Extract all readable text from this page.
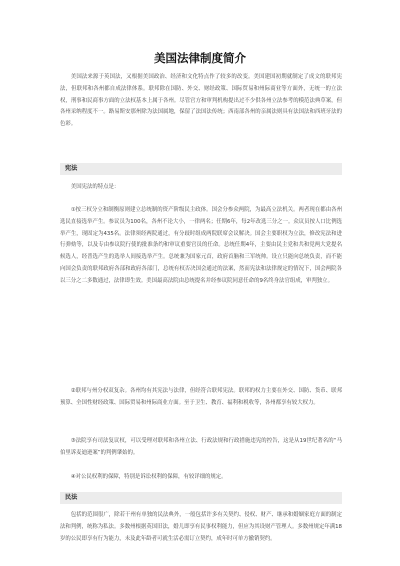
美国法律制度简介

美国法来源于英国法，又根据美国政治、经济和文化特点作了较多的改变。美国建国初期就制定了成文的联邦宪法，但联邦和各州都自成法律体系。联邦除在国防、外交、财经政策、国际贸易和州际商业等方面外，无统一的立法权，刑事和民商事方面的立法权基本上属于各州。尽管官方和审判机构提出过不少供各州立法参考的模范法典草案，但各州采纳程度不一。路易斯安那州除为法国属地，保留了法国法传统；西南部各州的亲属法则具有法国法和西班牙法的色彩。

宪法

美国宪法的特点是：

①按三权分立和制衡原则建立总统制的资产阶级民主政体。国会分参众两院，为最高立法机关。两者现在都由各州选民直接选举产生。参议员为100名，各州不论大小，一律两名；任期6年，每2年改选三分之一。众议员按人口比例选举产生，现固定为435名。法律须经两院通过，有分歧时组成两院联席会议解决。国会主要职权为立法，修改宪法和进行弹劾等，以及专由参议院行使的批准条约和审议重要官员的任命。总统任期4年，主要由民主党和共和党两大党提名候选人，经普选产生的选举人间接选举产生。总统兼为国家元首，政府首脑和三军统帅。设立只能向总统负责，而不能向国会负责的联邦政府各部和政府各部门，总统有权否决国会通过的法案，然而宪法和法律规定的情况下，国会两院各以三分之二多数通过，法律即生效。美国最高法院由总统提名并经参议院同意任命的9名终身法官组成，审判独立。

②联邦与州分权双复杂。各州均有其宪法与法律，但经符合联邦宪法。联邦的权力主要在外交、国防、货币、联邦预算、全国性财经政策、国际贸易和州际商业方面。至于卫生、教育、福利和税收等，各州都享有较大权力。

③法院享有司法复议权，可以受理对联邦和各州立法、行政法规和行政措施违宪的控告，这是从19世纪著名的“马伯里诉麦迪逊案”的判例肇始的。

④对公民权利的保障，特别是诉讼权利的保障，有较详细的规定。

民法

包括的范围很广，除若干州有单独的民法典外，一般包括许多有关契约、侵权、财产、继承和婚姻家庭方面的制定法和判例，统称为私法。多数州根据英国旧法，婚儿即享有民事权利能力，但应为其设财产管理人。多数州规定年满18岁的公民即享有行为能力，未及此年龄者可就生活必需订立契约，成年时可单方撤销契约。
